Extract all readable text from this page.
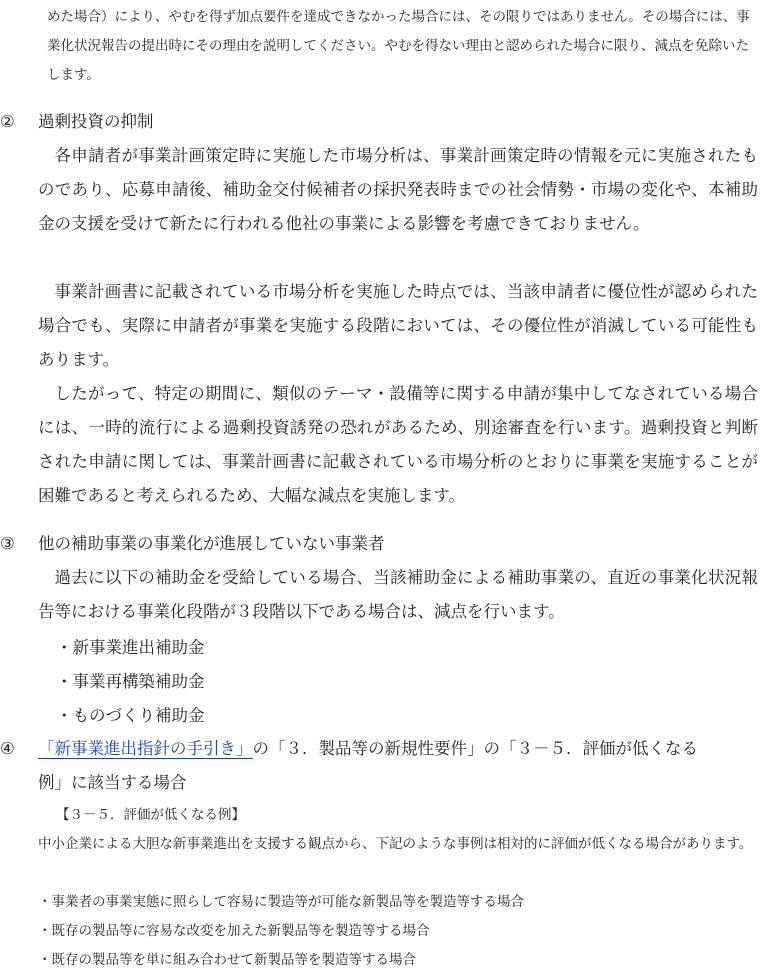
めた場合）により、やむを得ず加点要件を達成できなかった場合には、その限りではありません。その場合には、事業化状況報告の提出時にその理由を説明してください。やむを得ない理由と認められた場合に限り、減点を免除いたします。
②	過剰投資の抑制
各申請者が事業計画策定時に実施した市場分析は、事業計画策定時の情報を元に実施されたものであり、応募申請後、補助金交付候補者の採択発表時までの社会情勢・市場の変化や、本補助金の支援を受けて新たに行われる他社の事業による影響を考慮できておりません。
事業計画書に記載されている市場分析を実施した時点では、当該申請者に優位性が認められた場合でも、実際に申請者が事業を実施する段階においては、その優位性が消滅している可能性もあります。
したがって、特定の期間に、類似のテーマ・設備等に関する申請が集中してなされている場合には、一時的流行による過剰投資誘発の恐れがあるため、別途審査を行います。過剰投資と判断された申請に関しては、事業計画書に記載されている市場分析のとおりに事業を実施することが困難であると考えられるため、大幅な減点を実施します。
③	他の補助事業の事業化が進展していない事業者
過去に以下の補助金を受給している場合、当該補助金による補助事業の、直近の事業化状況報告等における事業化段階が３段階以下である場合は、減点を行います。
・新事業進出補助金
・事業再構築補助金
・ものづくり補助金
④	「新事業進出指針の手引き」の「３．製品等の新規性要件」の「３－５．評価が低くなる
例」に該当する場合
【３－５．評価が低くなる例】
中小企業による大胆な新事業進出を支援する観点から、下記のような事例は相対的に評価が低くなる場合があります。
・事業者の事業実態に照らして容易に製造等が可能な新製品等を製造等する場合
・既存の製品等に容易な改変を加えた新製品等を製造等する場合
・既存の製品等を単に組み合わせて新製品等を製造等する場合
